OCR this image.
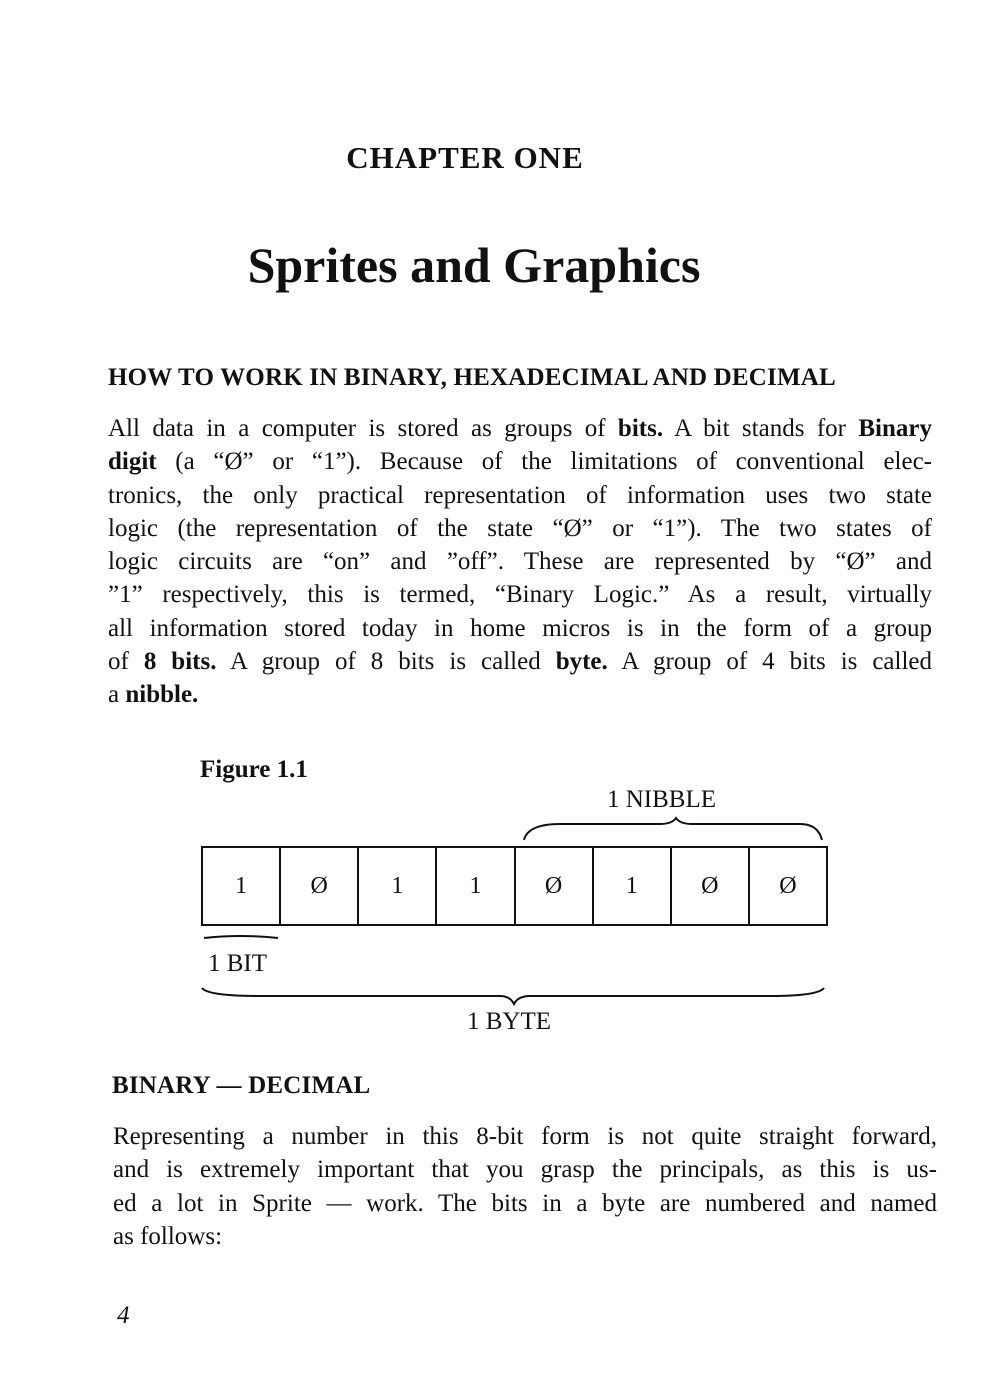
CHAPTER ONE
Sprites and Graphics
HOW TO WORK IN BINARY, HEXADECIMAL AND DECIMAL
All data in a computer is stored as groups of bits. A bit stands for Binary
digit (a “Ø” or “1”). Because of the limitations of conventional elec-
tronics, the only practical representation of information uses two state
logic (the representation of the state “Ø” or “1”). The two states of
logic circuits are “on” and ”off”. These are represented by “Ø” and
”1” respectively, this is termed, “Binary Logic.” As a result, virtually
all information stored today in home micros is in the form of a group
of 8 bits. A group of 8 bits is called byte. A group of 4 bits is called
a nibble.
Figure 1.1
1 NIBBLE
1	Ø	1	1	Ø	1	Ø	Ø
1 BIT
1 BYTE
BINARY — DECIMAL
Representing a number in this 8-bit form is not quite straight forward,
and is extremely important that you grasp the principals, as this is us-
ed a lot in Sprite — work. The bits in a byte are numbered and named
as follows:
4
